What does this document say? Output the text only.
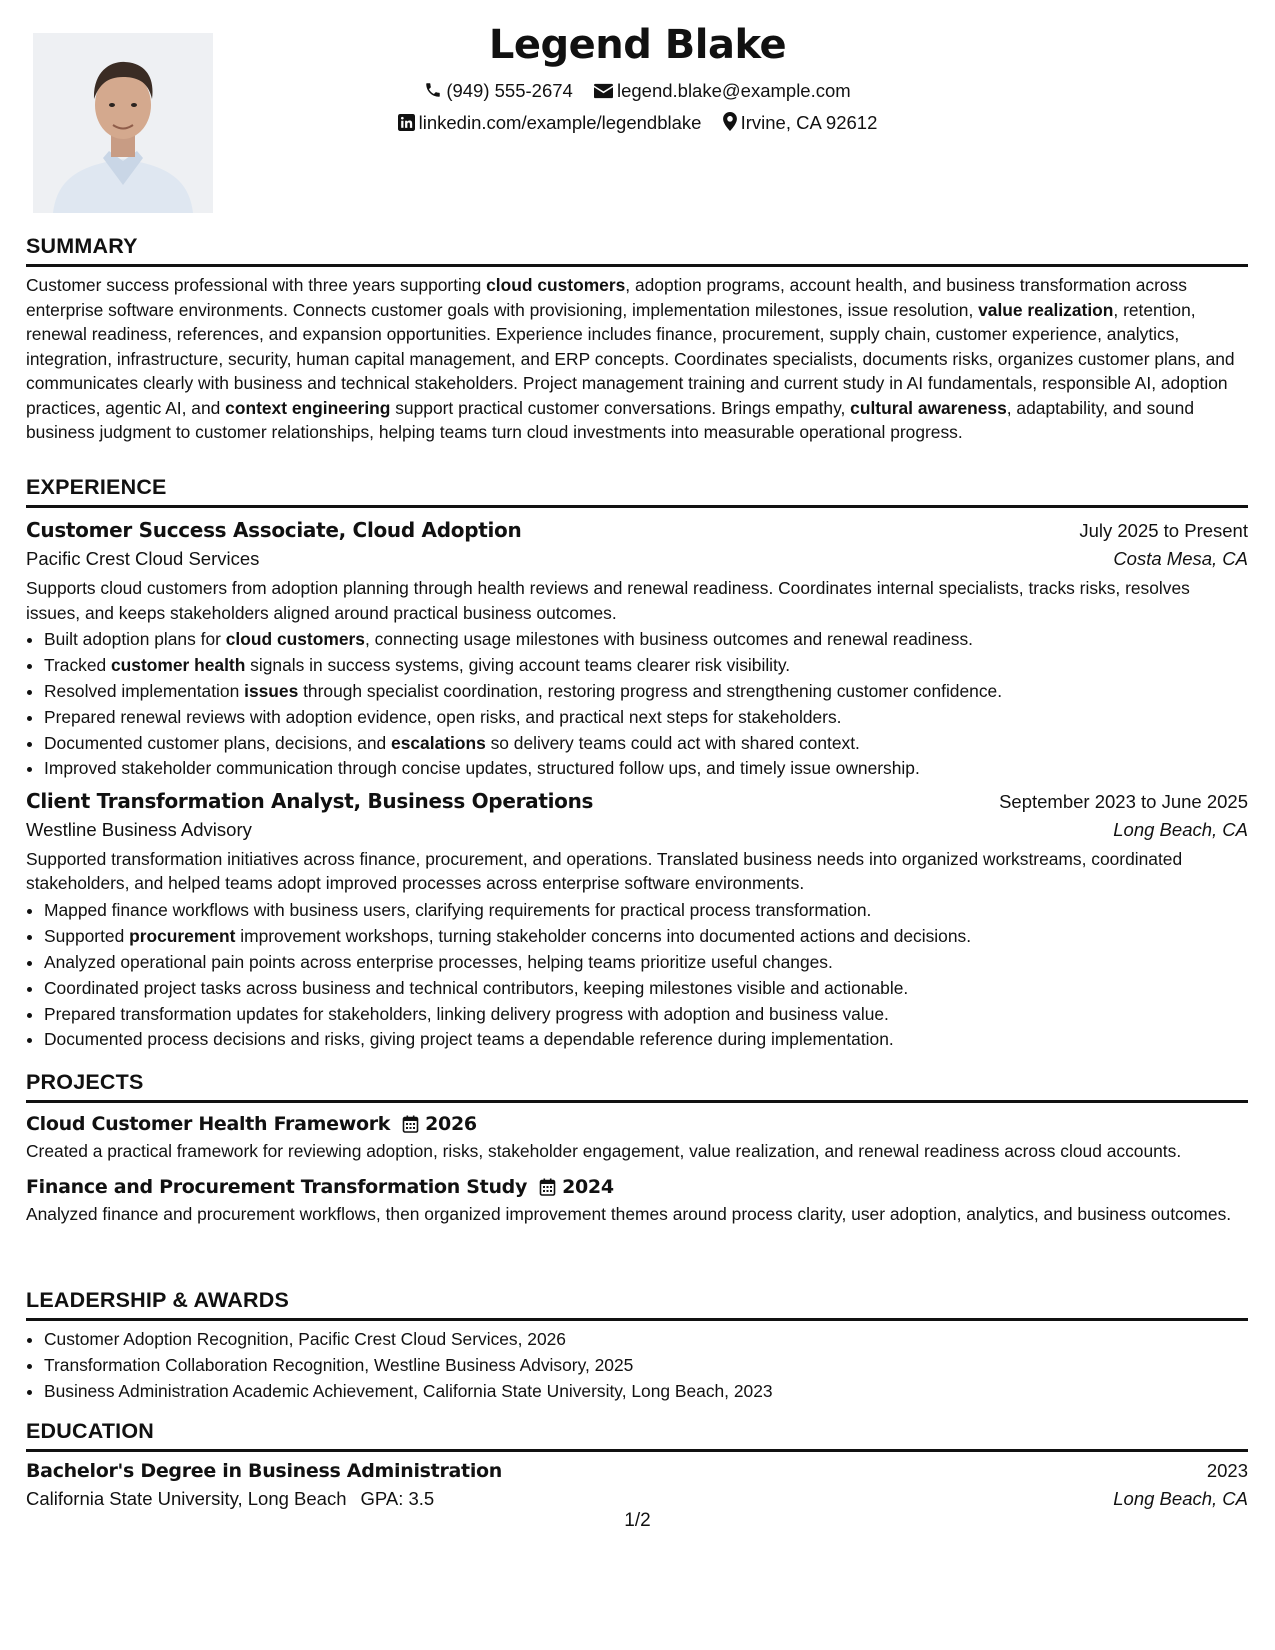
Legend Blake
(949) 555-2674 legend.blake@example.com
linkedin.com/example/legendblake Irvine, CA 92612
SUMMARY

Customer success professional with three years supporting cloud customers, adoption programs, account health, and business transformation across enterprise software environments. Connects customer goals with provisioning, implementation milestones, issue resolution, value realization, retention, renewal readiness, references, and expansion opportunities. Experience includes finance, procurement, supply chain, customer experience, analytics, integration, infrastructure, security, human capital management, and ERP concepts. Coordinates specialists, documents risks, organizes customer plans, and communicates clearly with business and technical stakeholders. Project management training and current study in AI fundamentals, responsible AI, adoption practices, agentic AI, and context engineering support practical customer conversations. Brings empathy, cultural awareness, adaptability, and sound business judgment to customer relationships, helping teams turn cloud investments into measurable operational progress.

EXPERIENCE
Customer Success Associate, Cloud Adoption	July 2025 to Present
Pacific Crest Cloud Services	Costa Mesa, CA

Supports cloud customers from adoption planning through health reviews and renewal readiness. Coordinates internal specialists, tracks risks, resolves issues, and keeps stakeholders aligned around practical business outcomes.

• Built adoption plans for cloud customers, connecting usage milestones with business outcomes and renewal readiness.
• Tracked customer health signals in success systems, giving account teams clearer risk visibility.
• Resolved implementation issues through specialist coordination, restoring progress and strengthening customer confidence.
• Prepared renewal reviews with adoption evidence, open risks, and practical next steps for stakeholders.
• Documented customer plans, decisions, and escalations so delivery teams could act with shared context.
• Improved stakeholder communication through concise updates, structured follow ups, and timely issue ownership.
Client Transformation Analyst, Business Operations	September 2023 to June 2025
Westline Business Advisory	Long Beach, CA

Supported transformation initiatives across finance, procurement, and operations. Translated business needs into organized workstreams, coordinated stakeholders, and helped teams adopt improved processes across enterprise software environments.

• Mapped finance workflows with business users, clarifying requirements for practical process transformation.
• Supported procurement improvement workshops, turning stakeholder concerns into documented actions and decisions.
• Analyzed operational pain points across enterprise processes, helping teams prioritize useful changes.
• Coordinated project tasks across business and technical contributors, keeping milestones visible and actionable.
• Prepared transformation updates for stakeholders, linking delivery progress with adoption and business value.
• Documented process decisions and risks, giving project teams a dependable reference during implementation.
PROJECTS
Cloud Customer Health Framework 2026

Created a practical framework for reviewing adoption, risks, stakeholder engagement, value realization, and renewal readiness across cloud accounts.

Finance and Procurement Transformation Study 2024

Analyzed finance and procurement workflows, then organized improvement themes around process clarity, user adoption, analytics, and business outcomes.

LEADERSHIP & AWARDS
• Customer Adoption Recognition, Pacific Crest Cloud Services, 2026
• Transformation Collaboration Recognition, Westline Business Advisory, 2025
• Business Administration Academic Achievement, California State University, Long Beach, 2023
EDUCATION
Bachelor's Degree in Business Administration	2023
California State University, Long Beach GPA: 3.5	Long Beach, CA
1/2
